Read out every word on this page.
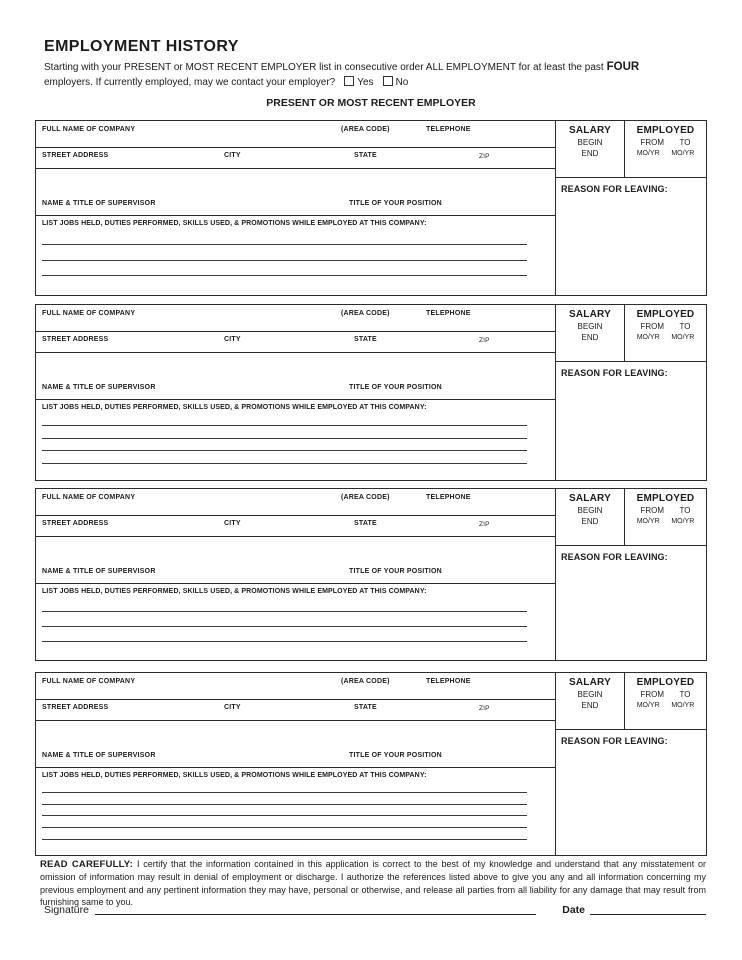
EMPLOYMENT HISTORY

Starting with your PRESENT or MOST RECENT EMPLOYER list in consecutive order ALL EMPLOYMENT for at least the past FOUR

employers. If currently employed, may we contact your employer? Yes No

PRESENT OR MOST RECENT EMPLOYER
FULL NAME OF COMPANY	(AREA CODE)	TELEPHONE
STREET ADDRESS	CITY	STATE	ZIP
NAME & TITLE OF SUPERVISOR	TITLE OF YOUR POSITION
LIST JOBS HELD, DUTIES PERFORMED, SKILLS USED, & PROMOTIONS WHILE EMPLOYED AT THIS COMPANY:
SALARY
BEGIN
END
EMPLOYED
FROM TO
MO/YR MO/YR
REASON FOR LEAVING:
FULL NAME OF COMPANY	(AREA CODE)	TELEPHONE
STREET ADDRESS	CITY	STATE	ZIP
NAME & TITLE OF SUPERVISOR	TITLE OF YOUR POSITION
LIST JOBS HELD, DUTIES PERFORMED, SKILLS USED, & PROMOTIONS WHILE EMPLOYED AT THIS COMPANY:
SALARY
BEGIN
END
EMPLOYED
FROM TO
MO/YR MO/YR
REASON FOR LEAVING:
FULL NAME OF COMPANY	(AREA CODE)	TELEPHONE
STREET ADDRESS	CITY	STATE	ZIP
NAME & TITLE OF SUPERVISOR	TITLE OF YOUR POSITION
LIST JOBS HELD, DUTIES PERFORMED, SKILLS USED, & PROMOTIONS WHILE EMPLOYED AT THIS COMPANY:
SALARY
BEGIN
END
EMPLOYED
FROM TO
MO/YR MO/YR
REASON FOR LEAVING:
FULL NAME OF COMPANY	(AREA CODE)	TELEPHONE
STREET ADDRESS	CITY	STATE	ZIP
NAME & TITLE OF SUPERVISOR	TITLE OF YOUR POSITION
LIST JOBS HELD, DUTIES PERFORMED, SKILLS USED, & PROMOTIONS WHILE EMPLOYED AT THIS COMPANY:
SALARY
BEGIN
END
EMPLOYED
FROM TO
MO/YR MO/YR
REASON FOR LEAVING:

READ CAREFULLY: I certify that the information contained in this application is correct to the best of my knowledge and understand that any misstatement or omission of information may result in denial of employment or discharge. I authorize the references listed above to give you any and all information concerning my previous employment and any pertinent information they may have, personal or otherwise, and release all parties from all liability for any damage that may result from furnishing same to you.

Signature	Date
